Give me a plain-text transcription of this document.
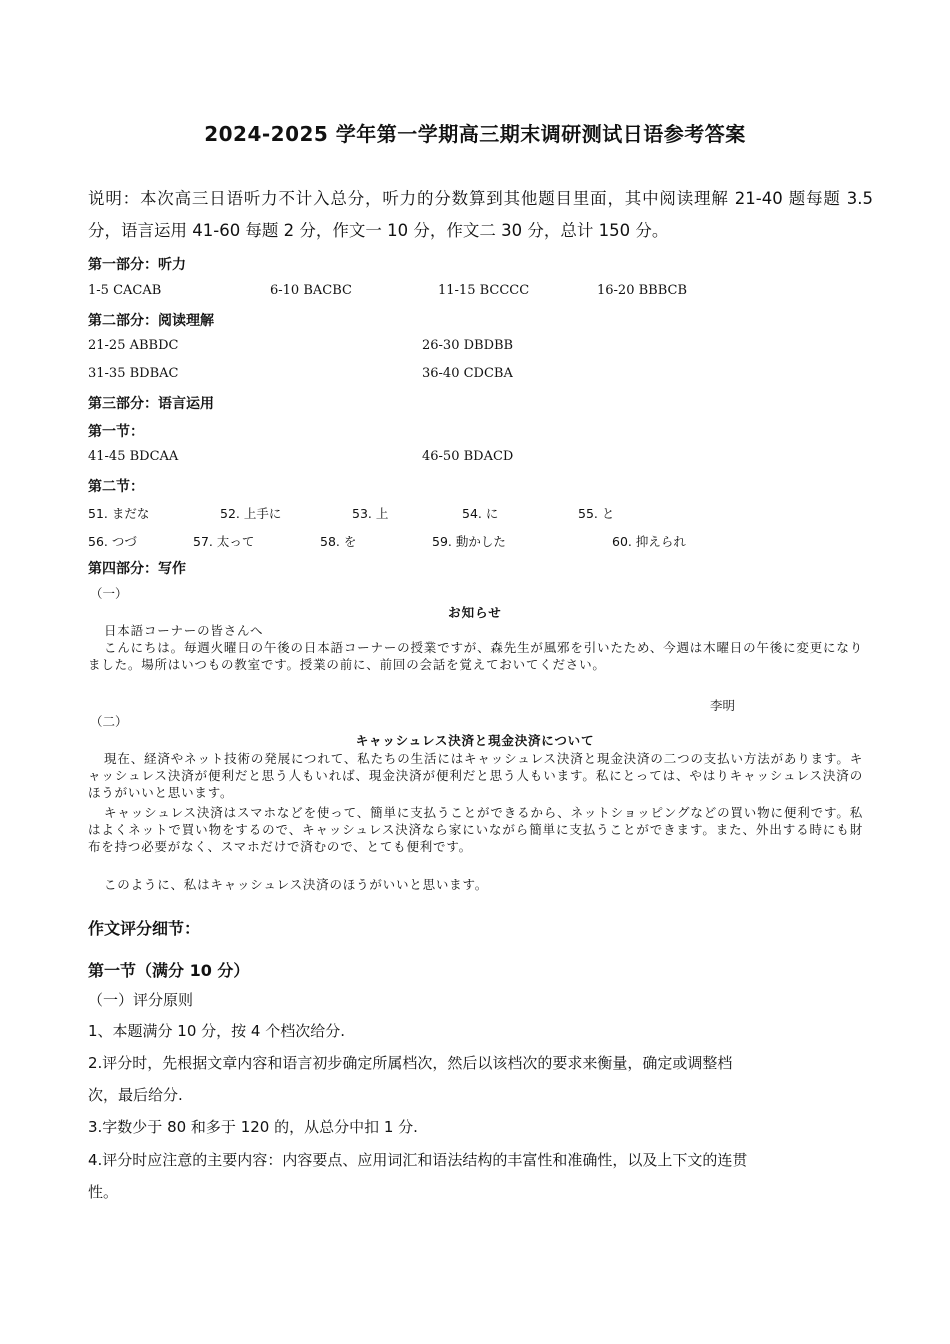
2024-2025 学年第一学期高三期末调研测试日语参考答案
说明：本次高三日语听力不计入总分，听力的分数算到其他题目里面，其中阅读理解 21-40 题每题 3.5 分，语言运用 41-60 每题 2 分，作文一 10 分，作文二 30 分，总计 150 分。
第一部分：听力
1-5 CACAB	6-10 BACBC	11-15 BCCCC	16-20 BBBCB
第二部分：阅读理解
21-25 ABBDC	26-30 DBDBB
31-35 BDBAC	36-40 CDCBA
第三部分：语言运用
第一节：
41-45 BDCAA	46-50 BDACD
第二节：
51. まだな	52. 上手に	53. 上	54. に	55. と
56. つづ	57. 太って	58. を	59. 動かした	60. 抑えられ
第四部分：写作
（一）
お知らせ
日本語コーナーの皆さんへ
こんにちは。毎週火曜日の午後の日本語コーナーの授業ですが、森先生が風邪を引いたため、今週は木曜日の午後に変更になりました。場所はいつもの教室です。授業の前に、前回の会話を覚えておいてください。
李明
（二）
キャッシュレス決済と現金決済について
現在、経済やネット技術の発展につれて、私たちの生活にはキャッシュレス決済と現金決済の二つの支払い方法があります。キャッシュレス決済が便利だと思う人もいれば、現金決済が便利だと思う人もいます。私にとっては、やはりキャッシュレス決済のほうがいいと思います。
キャッシュレス決済はスマホなどを使って、簡単に支払うことができるから、ネットショッピングなどの買い物に便利です。私はよくネットで買い物をするので、キャッシュレス決済なら家にいながら簡単に支払うことができます。また、外出する時にも財布を持つ必要がなく、スマホだけで済むので、とても便利です。
このように、私はキャッシュレス決済のほうがいいと思います。
作文评分细节：
第一节（满分 10 分）
（一）评分原则
1、本题满分 10 分，按 4 个档次给分.
2.评分时，先根据文章内容和语言初步确定所属档次，然后以该档次的要求来衡量，确定或调整档
次，最后给分.
3.字数少于 80 和多于 120 的，从总分中扣 1 分.
4.评分时应注意的主要内容：内容要点、应用词汇和语法结构的丰富性和准确性，以及上下文的连贯
性。
